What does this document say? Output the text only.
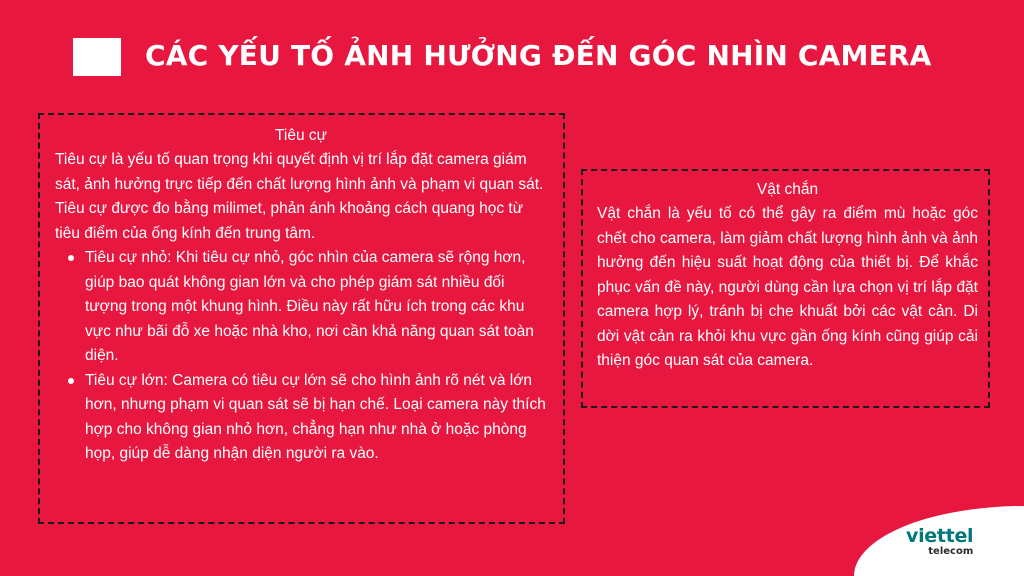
CÁC YẾU TỐ ẢNH HƯỞNG ĐẾN GÓC NHÌN CAMERA

Tiêu cự

Tiêu cự là yếu tố quan trọng khi quyết định vị trí lắp đặt camera giám sát, ảnh hưởng trực tiếp đến chất lượng hình ảnh và phạm vi quan sát. Tiêu cự được đo bằng milimet, phản ánh khoảng cách quang học từ tiêu điểm của ống kính đến trung tâm.

Tiêu cự nhỏ: Khi tiêu cự nhỏ, góc nhìn của camera sẽ rộng hơn, giúp bao quát không gian lớn và cho phép giám sát nhiều đối tượng trong một khung hình. Điều này rất hữu ích trong các khu vực như bãi đỗ xe hoặc nhà kho, nơi cần khả năng quan sát toàn diện.
Tiêu cự lớn: Camera có tiêu cự lớn sẽ cho hình ảnh rõ nét và lớn hơn, nhưng phạm vi quan sát sẽ bị hạn chế. Loại camera này thích hợp cho không gian nhỏ hơn, chẳng hạn như nhà ở hoặc phòng họp, giúp dễ dàng nhận diện người ra vào.

Vật chắn

Vật chắn là yếu tố có thể gây ra điểm mù hoặc góc chết cho camera, làm giảm chất lượng hình ảnh và ảnh hưởng đến hiệu suất hoạt động của thiết bị. Để khắc phục vấn đề này, người dùng cần lựa chọn vị trí lắp đặt camera hợp lý, tránh bị che khuất bởi các vật cản. Di dời vật cản ra khỏi khu vực gần ống kính cũng giúp cải thiện góc quan sát của camera.

viettel
telecom
